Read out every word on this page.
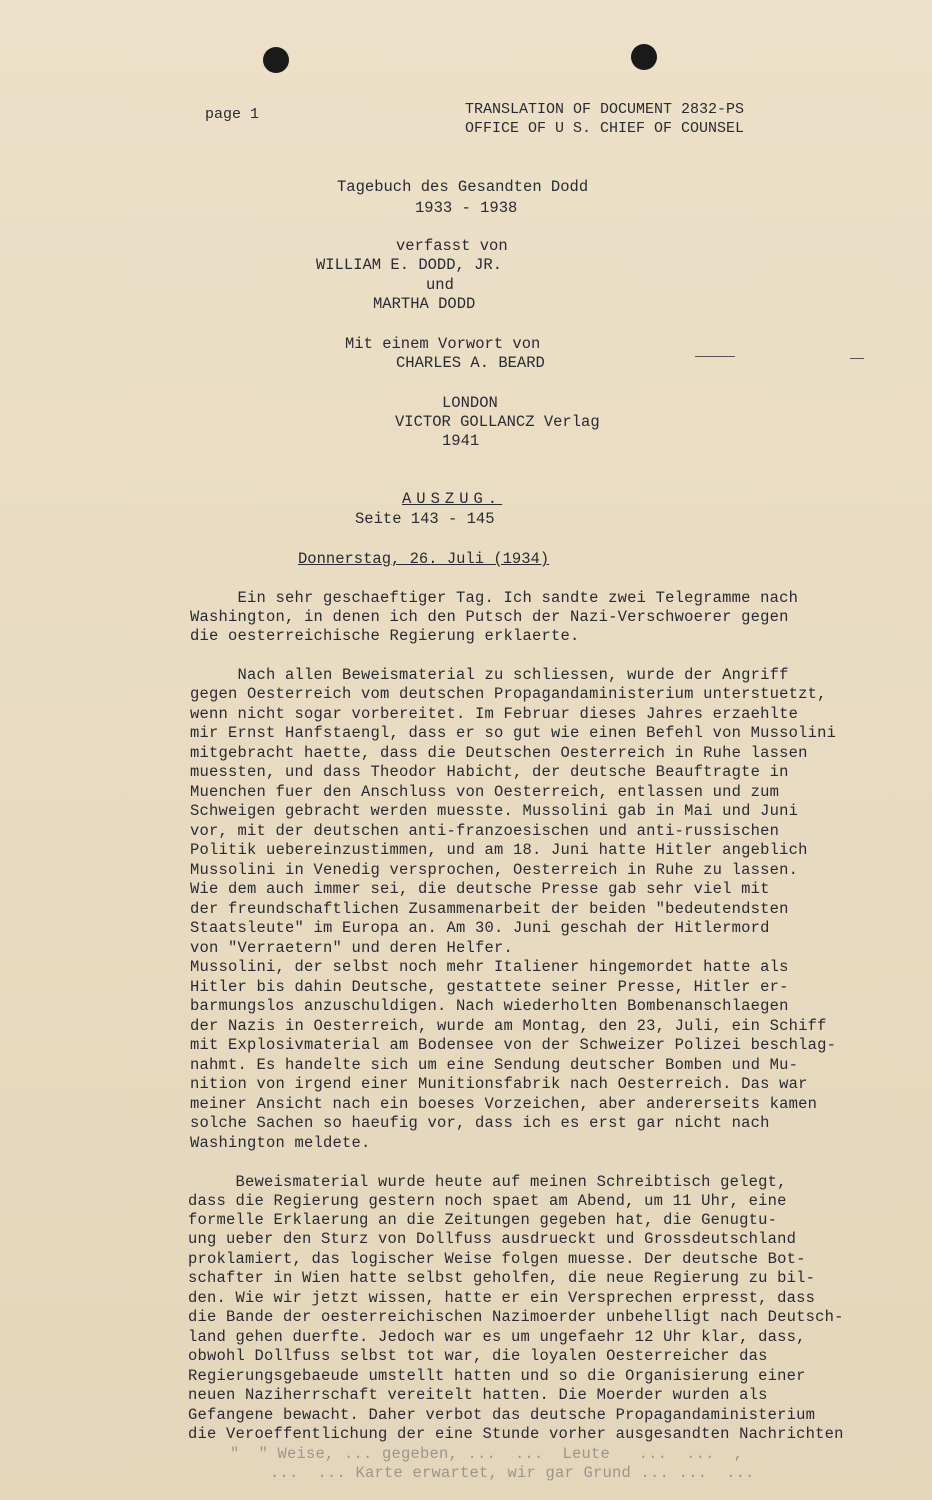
page 1	TRANSLATION OF DOCUMENT 2832-PS
OFFICE OF U S. CHIEF OF COUNSEL
Tagebuch des Gesandten Dodd
1933 - 1938
verfasst von
WILLIAM E. DODD, JR.
und
MARTHA DODD
Mit einem Vorwort von
CHARLES A. BEARD
LONDON
VICTOR GOLLANCZ Verlag
1941
AUSZUG.
Seite 143 - 145
Donnerstag, 26. Juli (1934)
Ein sehr geschaeftiger Tag. Ich sandte zwei Telegramme nach
Washington, in denen ich den Putsch der Nazi-Verschwoerer gegen
die oesterreichische Regierung erklaerte.
Nach allen Beweismaterial zu schliessen, wurde der Angriff
gegen Oesterreich vom deutschen Propagandaministerium unterstuetzt,
wenn nicht sogar vorbereitet. Im Februar dieses Jahres erzaehlte
mir Ernst Hanfstaengl, dass er so gut wie einen Befehl von Mussolini
mitgebracht haette, dass die Deutschen Oesterreich in Ruhe lassen
muessten, und dass Theodor Habicht, der deutsche Beauftragte in
Muenchen fuer den Anschluss von Oesterreich, entlassen und zum
Schweigen gebracht werden muesste. Mussolini gab in Mai und Juni
vor, mit der deutschen anti-franzoesischen und anti-russischen
Politik uebereinzustimmen, und am 18. Juni hatte Hitler angeblich
Mussolini in Venedig versprochen, Oesterreich in Ruhe zu lassen.
Wie dem auch immer sei, die deutsche Presse gab sehr viel mit
der freundschaftlichen Zusammenarbeit der beiden "bedeutendsten
Staatsleute" im Europa an. Am 30. Juni geschah der Hitlermord
von "Verraetern" und deren Helfer.
Mussolini, der selbst noch mehr Italiener hingemordet hatte als
Hitler bis dahin Deutsche, gestattete seiner Presse, Hitler er-
barmungslos anzuschuldigen. Nach wiederholten Bombenanschlaegen
der Nazis in Oesterreich, wurde am Montag, den 23, Juli, ein Schiff
mit Explosivmaterial am Bodensee von der Schweizer Polizei beschlag-
nahmt. Es handelte sich um eine Sendung deutscher Bomben und Mu-
nition von irgend einer Munitionsfabrik nach Oesterreich. Das war
meiner Ansicht nach ein boeses Vorzeichen, aber andererseits kamen
solche Sachen so haeufig vor, dass ich es erst gar nicht nach
Washington meldete.
Beweismaterial wurde heute auf meinen Schreibtisch gelegt,
dass die Regierung gestern noch spaet am Abend, um 11 Uhr, eine
formelle Erklaerung an die Zeitungen gegeben hat, die Genugtu-
ung ueber den Sturz von Dollfuss ausdrueckt und Grossdeutschland
proklamiert, das logischer Weise folgen muesse. Der deutsche Bot-
schafter in Wien hatte selbst geholfen, die neue Regierung zu bil-
den. Wie wir jetzt wissen, hatte er ein Versprechen erpresst, dass
die Bande der oesterreichischen Nazimoerder unbehelligt nach Deutsch-
land gehen duerfte. Jedoch war es um ungefaehr 12 Uhr klar, dass,
obwohl Dollfuss selbst tot war, die loyalen Oesterreicher das
Regierungsgebaeude umstellt hatten und so die Organisierung einer
neuen Naziherrschaft vereitelt hatten. Die Moerder wurden als
Gefangene bewacht. Daher verbot das deutsche Propagandaministerium
die Veroeffentlichung der eine Stunde vorher ausgesandten Nachrichten
"  " Weise, ... gegeben, ...  ...  Leute   ...  ...  ,
...  ... Karte erwartet, wir gar Grund ... ...  ...
